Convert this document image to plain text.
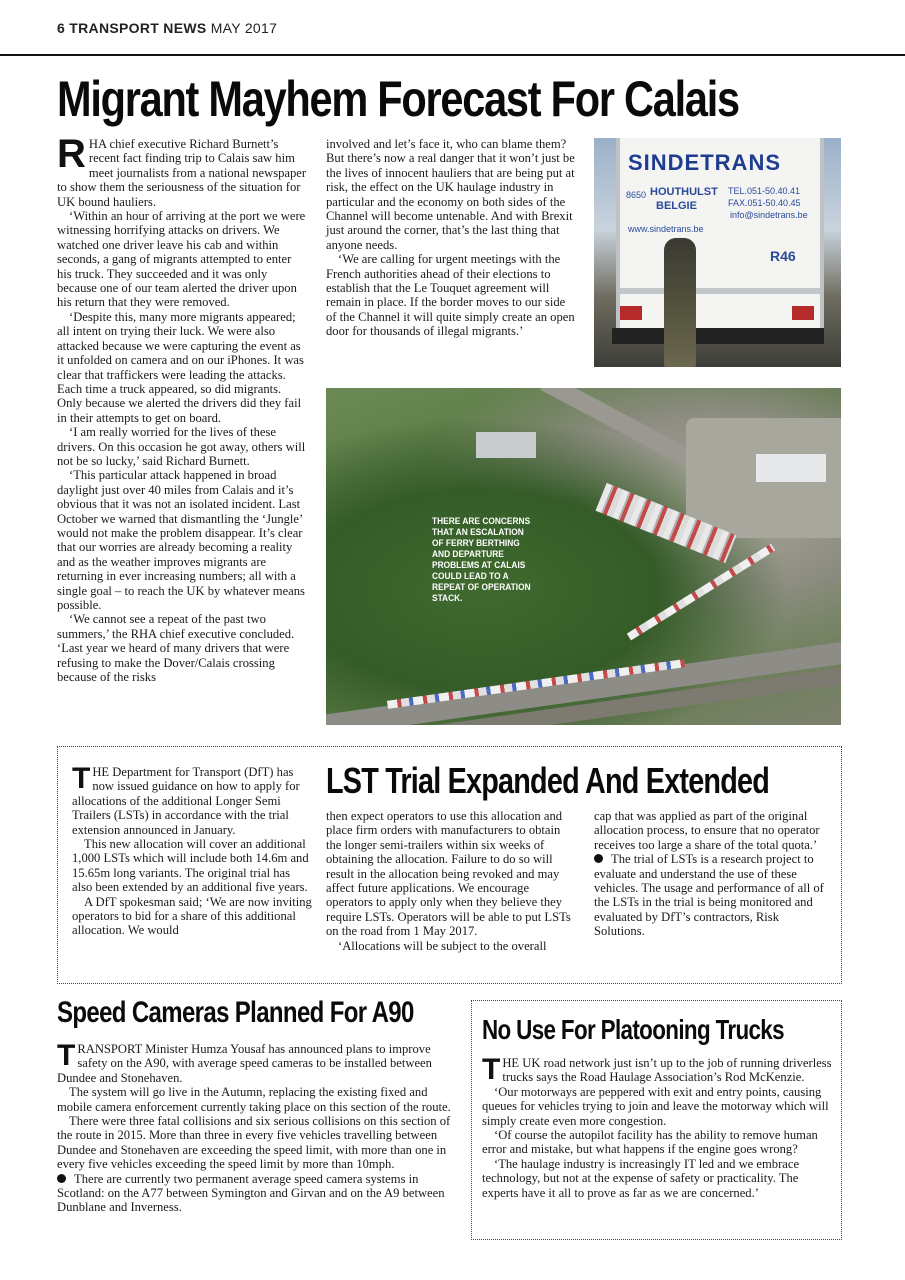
6 TRANSPORT NEWS MAY 2017
Migrant Mayhem Forecast For Calais

RHA chief executive Richard Burnett’s recent fact finding trip to Calais saw him meet journalists from a national newspaper to show them the seriousness of the situation for UK bound hauliers.

‘Within an hour of arriving at the port we were witnessing horrifying attacks on drivers. We watched one driver leave his cab and within seconds, a gang of migrants attempted to enter his truck. They succeeded and it was only because one of our team alerted the driver upon his return that they were removed.

‘Despite this, many more migrants appeared; all intent on trying their luck. We were also attacked because we were capturing the event as it unfolded on camera and on our iPhones. It was clear that traffickers were leading the attacks. Each time a truck appeared, so did migrants. Only because we alerted the drivers did they fail in their attempts to get on board.

‘I am really worried for the lives of these drivers. On this occasion he got away, others will not be so lucky,’ said Richard Burnett.

‘This particular attack happened in broad daylight just over 40 miles from Calais and it’s obvious that it was not an isolated incident. Last October we warned that dismantling the ‘Jungle’ would not make the problem disappear. It’s clear that our worries are already becoming a reality and as the weather improves migrants are returning in ever increasing numbers; all with a single goal – to reach the UK by whatever means possible.

‘We cannot see a repeat of the past two summers,’ the RHA chief executive concluded. ‘Last year we heard of many drivers that were refusing to make the Dover/Calais crossing because of the risks

involved and let’s face it, who can blame them? But there’s now a real danger that it won’t just be the lives of innocent hauliers that are being put at risk, the effect on the UK haulage industry in particular and the economy on both sides of the Channel will become untenable. And with Brexit just around the corner, that’s the last thing that anyone needs.

‘We are calling for urgent meetings with the French authorities ahead of their elections to establish that the Le Touquet agreement will remain in place. If the border moves to our side of the Channel it will quite simply create an open door for thousands of illegal migrants.’

SINDETRANS
8650 HOUTHULST
BELGIE
www.sindetrans.be
TEL.051-50.40.41
FAX.051-50.40.45
info@sindetrans.be
R46
THERE ARE CONCERNS THAT AN ESCALATION OF FERRY BERTHING AND DEPARTURE PROBLEMS AT CALAIS COULD LEAD TO A REPEAT OF OPERATION STACK.
LST Trial Expanded And Extended

THE Department for Transport (DfT) has now issued guidance on how to apply for allocations of the additional Longer Semi Trailers (LSTs) in accordance with the trial extension announced in January.

This new allocation will cover an additional 1,000 LSTs which will include both 14.6m and 15.65m long variants. The original trial has also been extended by an additional five years.

A DfT spokesman said; ‘We are now inviting operators to bid for a share of this additional allocation. We would

then expect operators to use this allocation and place firm orders with manufacturers to obtain the longer semi-trailers within six weeks of obtaining the allocation. Failure to do so will result in the allocation being revoked and may affect future applications. We encourage operators to apply only when they believe they require LSTs. Operators will be able to put LSTs on the road from 1 May 2017.

‘Allocations will be subject to the overall

cap that was applied as part of the original allocation process, to ensure that no operator receives too large a share of the total quota.’

The trial of LSTs is a research project to evaluate and understand the use of these vehicles. The usage and performance of all of the LSTs in the trial is being monitored and evaluated by DfT’s contractors, Risk Solutions.

Speed Cameras Planned For A90

TRANSPORT Minister Humza Yousaf has announced plans to improve safety on the A90, with average speed cameras to be installed between Dundee and Stonehaven.

The system will go live in the Autumn, replacing the existing fixed and mobile camera enforcement currently taking place on this section of the route.

There were three fatal collisions and six serious collisions on this section of the route in 2015. More than three in every five vehicles travelling between Dundee and Stonehaven are exceeding the speed limit, with more than one in every five vehicles exceeding the speed limit by more than 10mph.

There are currently two permanent average speed camera systems in Scotland: on the A77 between Symington and Girvan and on the A9 between Dunblane and Inverness.

No Use For Platooning Trucks

THE UK road network just isn’t up to the job of running driverless trucks says the Road Haulage Association’s Rod McKenzie.

‘Our motorways are peppered with exit and entry points, causing queues for vehicles trying to join and leave the motorway which will simply create even more congestion.

‘Of course the autopilot facility has the ability to remove human error and mistake, but what happens if the engine goes wrong?

‘The haulage industry is increasingly IT led and we embrace technology, but not at the expense of safety or practicality. The experts have it all to prove as far as we are concerned.’
